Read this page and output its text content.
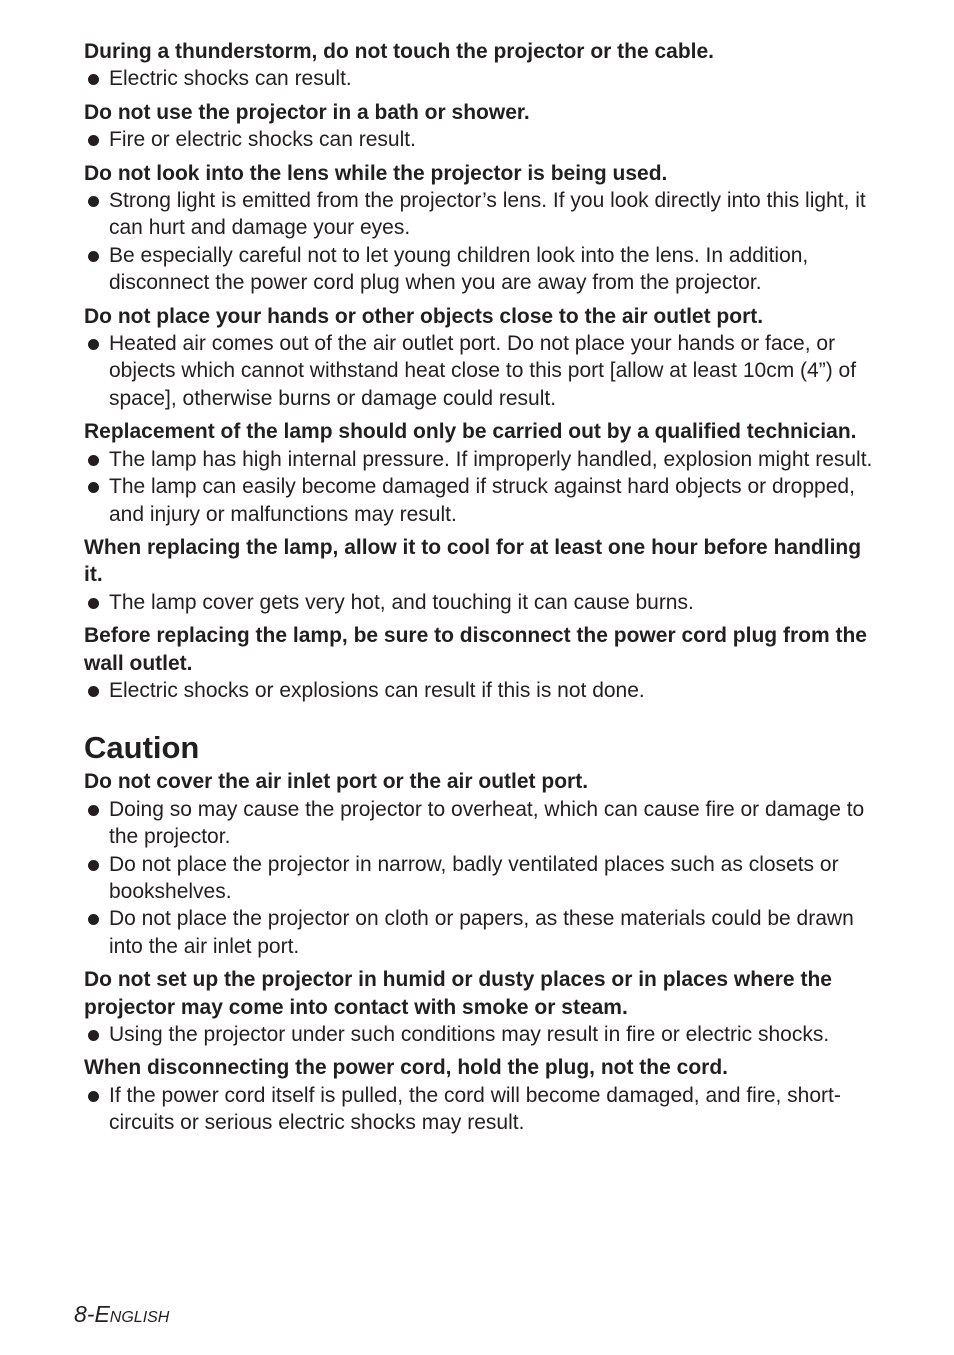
During a thunderstorm, do not touch the projector or the cable.

Electric shocks can result.

Do not use the projector in a bath or shower.

Fire or electric shocks can result.

Do not look into the lens while the projector is being used.

Strong light is emitted from the projector’s lens. If you look directly into this light, it can hurt and damage your eyes.
Be especially careful not to let young children look into the lens. In addition, disconnect the power cord plug when you are away from the projector.

Do not place your hands or other objects close to the air outlet port.

Heated air comes out of the air outlet port. Do not place your hands or face, or objects which cannot withstand heat close to this port [allow at least 10cm (4”) of space], otherwise burns or damage could result.

Replacement of the lamp should only be carried out by a qualified technician.

The lamp has high internal pressure. If improperly handled, explosion might result.
The lamp can easily become damaged if struck against hard objects or dropped, and injury or malfunctions may result.

When replacing the lamp, allow it to cool for at least one hour before handling it.

The lamp cover gets very hot, and touching it can cause burns.

Before replacing the lamp, be sure to disconnect the power cord plug from the wall outlet.

Electric shocks or explosions can result if this is not done.
Caution

Do not cover the air inlet port or the air outlet port.

Doing so may cause the projector to overheat, which can cause fire or damage to the projector.
Do not place the projector in narrow, badly ventilated places such as closets or bookshelves.
Do not place the projector on cloth or papers, as these materials could be drawn into the air inlet port.

Do not set up the projector in humid or dusty places or in places where the projector may come into contact with smoke or steam.

Using the projector under such conditions may result in fire or electric shocks.

When disconnecting the power cord, hold the plug, not the cord.

If the power cord itself is pulled, the cord will become damaged, and fire, short-circuits or serious electric shocks may result.
8-English
